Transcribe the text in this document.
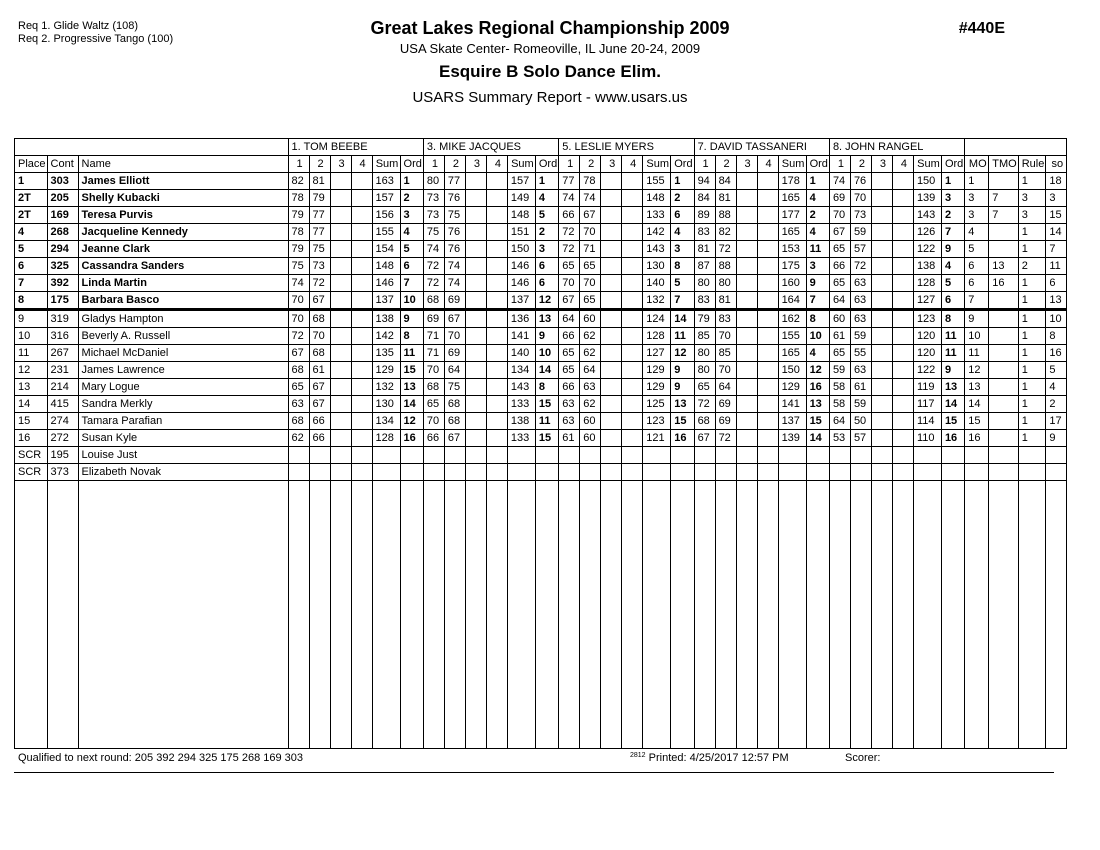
Req 1. Glide Waltz (108)
Req 2. Progressive Tango (100)
Great Lakes Regional Championship 2009
USA Skate Center- Romeoville, IL June 20-24, 2009
Esquire B Solo Dance Elim.
USARS Summary Report - www.usars.us
#440E
			1. TOM BEEBE						3. MIKE JACQUES						5. LESLIE MYERS						7. DAVID TASSANERI						8. JOHN RANGEL									
Place	Cont	Name	1	2	3	4	Sum	Ord	1	2	3	4	Sum	Ord	1	2	3	4	Sum	Ord	1	2	3	4	Sum	Ord	1	2	3	4	Sum	Ord	MO	TMO	Rule	so
1	303	James Elliott	82	81			163	1	80	77			157	1	77	78			155	1	94	84			178	1	74	76			150	1	1		1	18
2T	205	Shelly Kubacki	78	79			157	2	73	76			149	4	74	74			148	2	84	81			165	4	69	70			139	3	3	7	3	3
2T	169	Teresa Purvis	79	77			156	3	73	75			148	5	66	67			133	6	89	88			177	2	70	73			143	2	3	7	3	15
4	268	Jacqueline Kennedy	78	77			155	4	75	76			151	2	72	70			142	4	83	82			165	4	67	59			126	7	4		1	14
5	294	Jeanne Clark	79	75			154	5	74	76			150	3	72	71			143	3	81	72			153	11	65	57			122	9	5		1	7
6	325	Cassandra Sanders	75	73			148	6	72	74			146	6	65	65			130	8	87	88			175	3	66	72			138	4	6	13	2	11
7	392	Linda Martin	74	72			146	7	72	74			146	6	70	70			140	5	80	80			160	9	65	63			128	5	6	16	1	6
8	175	Barbara Basco	70	67			137	10	68	69			137	12	67	65			132	7	83	81			164	7	64	63			127	6	7		1	13
9	319	Gladys Hampton	70	68			138	9	69	67			136	13	64	60			124	14	79	83			162	8	60	63			123	8	9		1	10
10	316	Beverly A. Russell	72	70			142	8	71	70			141	9	66	62			128	11	85	70			155	10	61	59			120	11	10		1	8
11	267	Michael McDaniel	67	68			135	11	71	69			140	10	65	62			127	12	80	85			165	4	65	55			120	11	11		1	16
12	231	James Lawrence	68	61			129	15	70	64			134	14	65	64			129	9	80	70			150	12	59	63			122	9	12		1	5
13	214	Mary Logue	65	67			132	13	68	75			143	8	66	63			129	9	65	64			129	16	58	61			119	13	13		1	4
14	415	Sandra Merkly	63	67			130	14	65	68			133	15	63	62			125	13	72	69			141	13	58	59			117	14	14		1	2
15	274	Tamara Parafian	68	66			134	12	70	68			138	11	63	60			123	15	68	69			137	15	64	50			114	15	15		1	17
16	272	Susan Kyle	62	66			128	16	66	67			133	15	61	60			121	16	67	72			139	14	53	57			110	16	16		1	9
SCR	195	Louise Just																																		
SCR	373	Elizabeth Novak																																		

Qualified to next round: 205 392 294 325 175 268 169 303	$^{2812}$ Printed: 4/25/2017 12:57 PM	Scorer:
